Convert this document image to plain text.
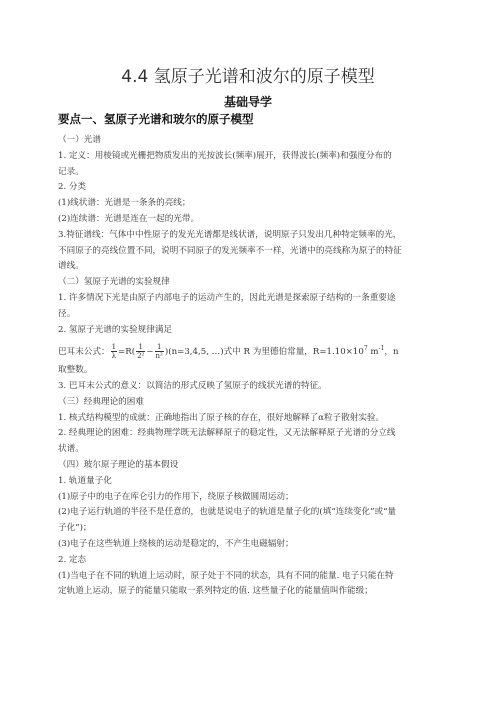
4.4 氢原子光谱和波尔的原子模型
基础导学
要点一、氢原子光谱和玻尔的原子模型

（一）光谱

1. 定义：用棱镜或光栅把物质发出的光按波长(频率)展开，获得波长(频率)和强度分布的

记录。

2. 分类

(1)线状谱：光谱是一条条的亮线；

(2)连续谱：光谱是连在一起的光带。

3.特征谱线：气体中中性原子的发光光谱都是线状谱，说明原子只发出几种特定频率的光，

不同原子的亮线位置不同，说明不同原子的发光频率不一样，光谱中的亮线称为原子的特征

谱线。

（二）氢原子光谱的实验规律

1. 许多情况下光是由原子内部电子的运动产生的，因此光谱是探索原子结构的一条重要途

径。

2. 氢原子光谱的实验规律满足

巴耳末公式： $\frac{1}{\lambda} =R( \frac{1}{\text{2²}} - \frac{1}{\text{n²}} )(n=3,4,5$, …)式中 R 为里德伯常量，$R=1.10\times 10^7$ $m^{-1}$，n

取整数。

3. 巴耳末公式的意义：以简洁的形式反映了氢原子的线状光谱的特征。

（三）经典理论的困难

1. 核式结构模型的成就：正确地指出了原子核的存在，很好地解释了α粒子散射实验。

2. 经典理论的困难：经典物理学既无法解释原子的稳定性，又无法解释原子光谱的分立线

状谱。

（四）玻尔原子理论的基本假设

1. 轨道量子化

(1)原子中的电子在库仑引力的作用下，绕原子核做圆周运动；

(2)电子运行轨道的半径不是任意的，也就是说电子的轨道是量子化的(填“连续变化”或“量

子化”)；

(3)电子在这些轨道上绕核的运动是稳定的，不产生电磁辐射；

2. 定态

(1)当电子在不同的轨道上运动时，原子处于不同的状态，具有不同的能量. 电子只能在特

定轨道上运动，原子的能量只能取一系列特定的值. 这些量子化的能量值叫作能级；
